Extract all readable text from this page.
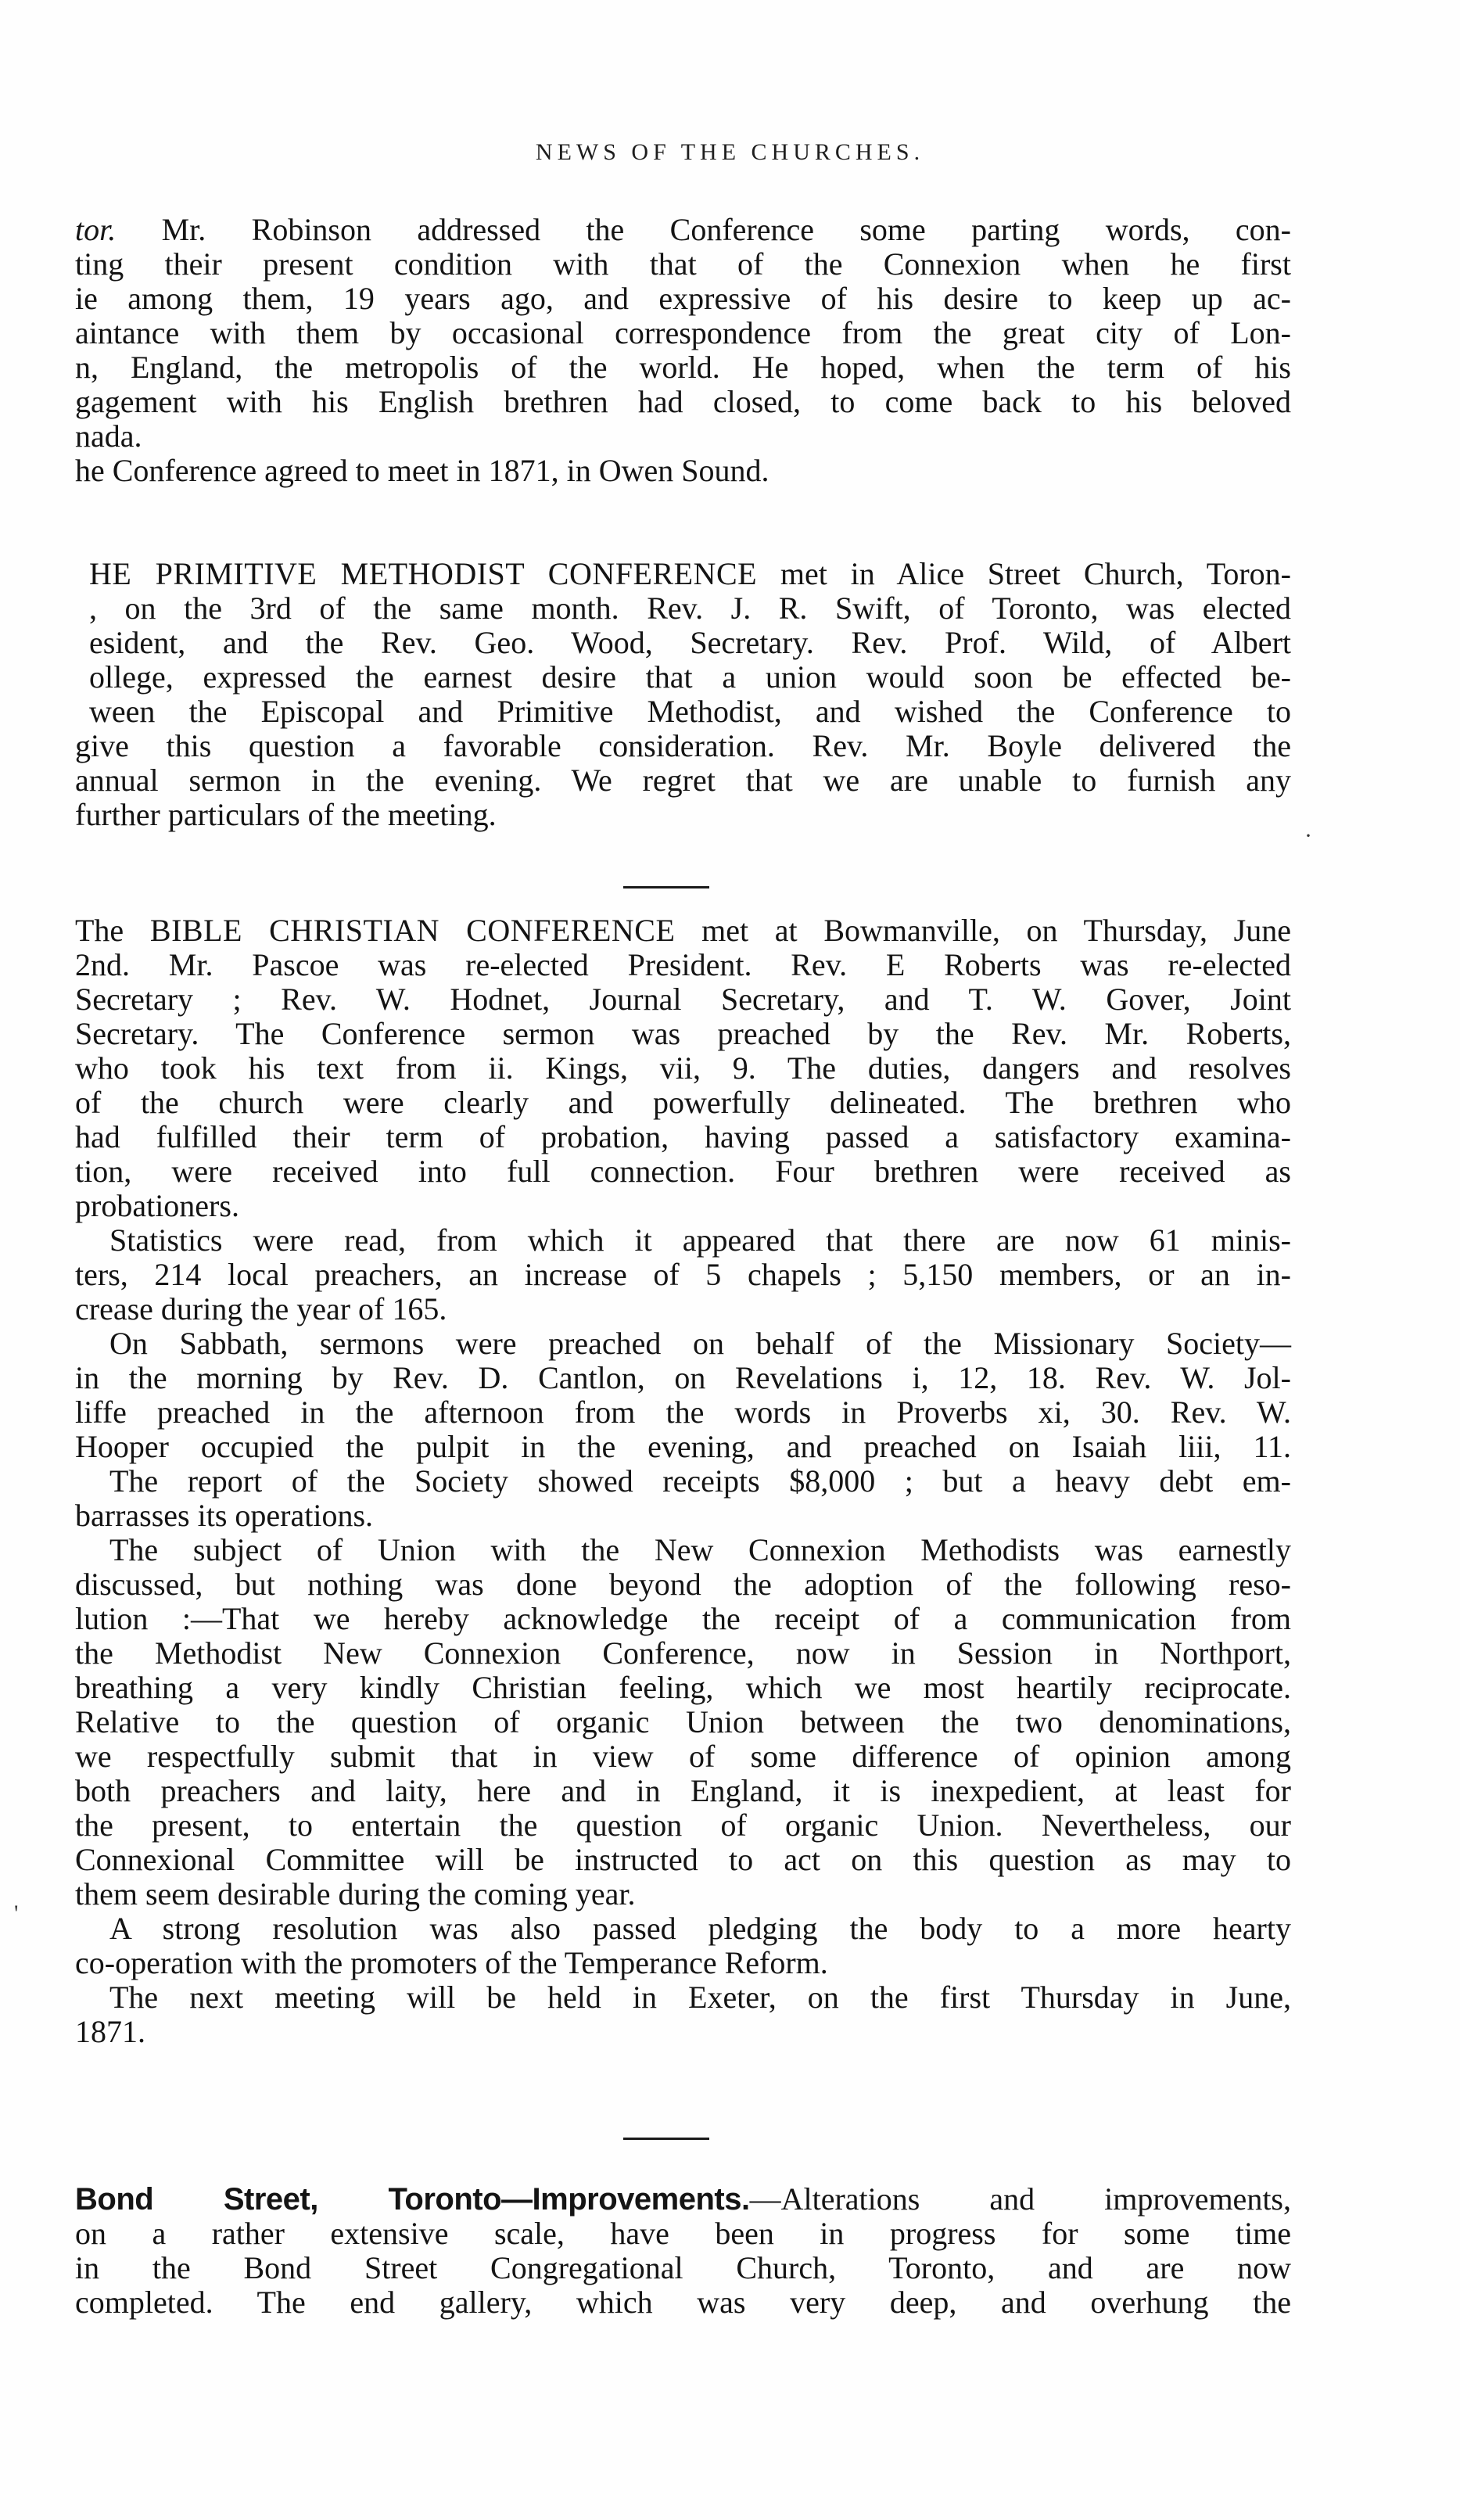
NEWS OF THE CHURCHES.
tor. Mr. Robinson addressed the Conference some parting words, con-
ting their present condition with that of the Connexion when he first
ie among them, 19 years ago, and expressive of his desire to keep up ac-
aintance with them by occasional correspondence from the great city of Lon-
n, England, the metropolis of the world. He hoped, when the term of his
gagement with his English brethren had closed, to come back to his beloved
nada.
he Conference agreed to meet in 1871, in Owen Sound.
HE PRIMITIVE METHODIST CONFERENCE met in Alice Street Church, Toron-
, on the 3rd of the same month. Rev. J. R. Swift, of Toronto, was elected
esident, and the Rev. Geo. Wood, Secretary. Rev. Prof. Wild, of Albert
ollege, expressed the earnest desire that a union would soon be effected be-
ween the Episcopal and Primitive Methodist, and wished the Conference to
give this question a favorable consideration. Rev. Mr. Boyle delivered the
annual sermon in the evening. We regret that we are unable to furnish any
further particulars of the meeting.
·
The BIBLE CHRISTIAN CONFERENCE met at Bowmanville, on Thursday, June
2nd. Mr. Pascoe was re-elected President. Rev. E Roberts was re-elected
Secretary ; Rev. W. Hodnet, Journal Secretary, and T. W. Gover, Joint
Secretary. The Conference sermon was preached by the Rev. Mr. Roberts,
who took his text from ii. Kings, vii, 9. The duties, dangers and resolves
of the church were clearly and powerfully delineated. The brethren who
had fulfilled their term of probation, having passed a satisfactory examina-
tion, were received into full connection. Four brethren were received as
probationers.
Statistics were read, from which it appeared that there are now 61 minis-
ters, 214 local preachers, an increase of 5 chapels ; 5,150 members, or an in-
crease during the year of 165.
On Sabbath, sermons were preached on behalf of the Missionary Society—
in the morning by Rev. D. Cantlon, on Revelations i, 12, 18. Rev. W. Jol-
liffe preached in the afternoon from the words in Proverbs xi, 30. Rev. W.
Hooper occupied the pulpit in the evening, and preached on Isaiah liii, 11.
The report of the Society showed receipts $8,000 ; but a heavy debt em-
barrasses its operations.
The subject of Union with the New Connexion Methodists was earnestly
discussed, but nothing was done beyond the adoption of the following reso-
lution :—That we hereby acknowledge the receipt of a communication from
the Methodist New Connexion Conference, now in Session in Northport,
breathing a very kindly Christian feeling, which we most heartily reciprocate.
Relative to the question of organic Union between the two denominations,
we respectfully submit that in view of some difference of opinion among
both preachers and laity, here and in England, it is inexpedient, at least for
the present, to entertain the question of organic Union. Nevertheless, our
Connexional Committee will be instructed to act on this question as may to
them seem desirable during the coming year.
A strong resolution was also passed pledging the body to a more hearty
co-operation with the promoters of the Temperance Reform.
The next meeting will be held in Exeter, on the first Thursday in June,
1871.
'
Bond Street, Toronto—Improvements.—Alterations and improvements,
on a rather extensive scale, have been in progress for some time
in the Bond Street Congregational Church, Toronto, and are now
completed. The end gallery, which was very deep, and overhung the
